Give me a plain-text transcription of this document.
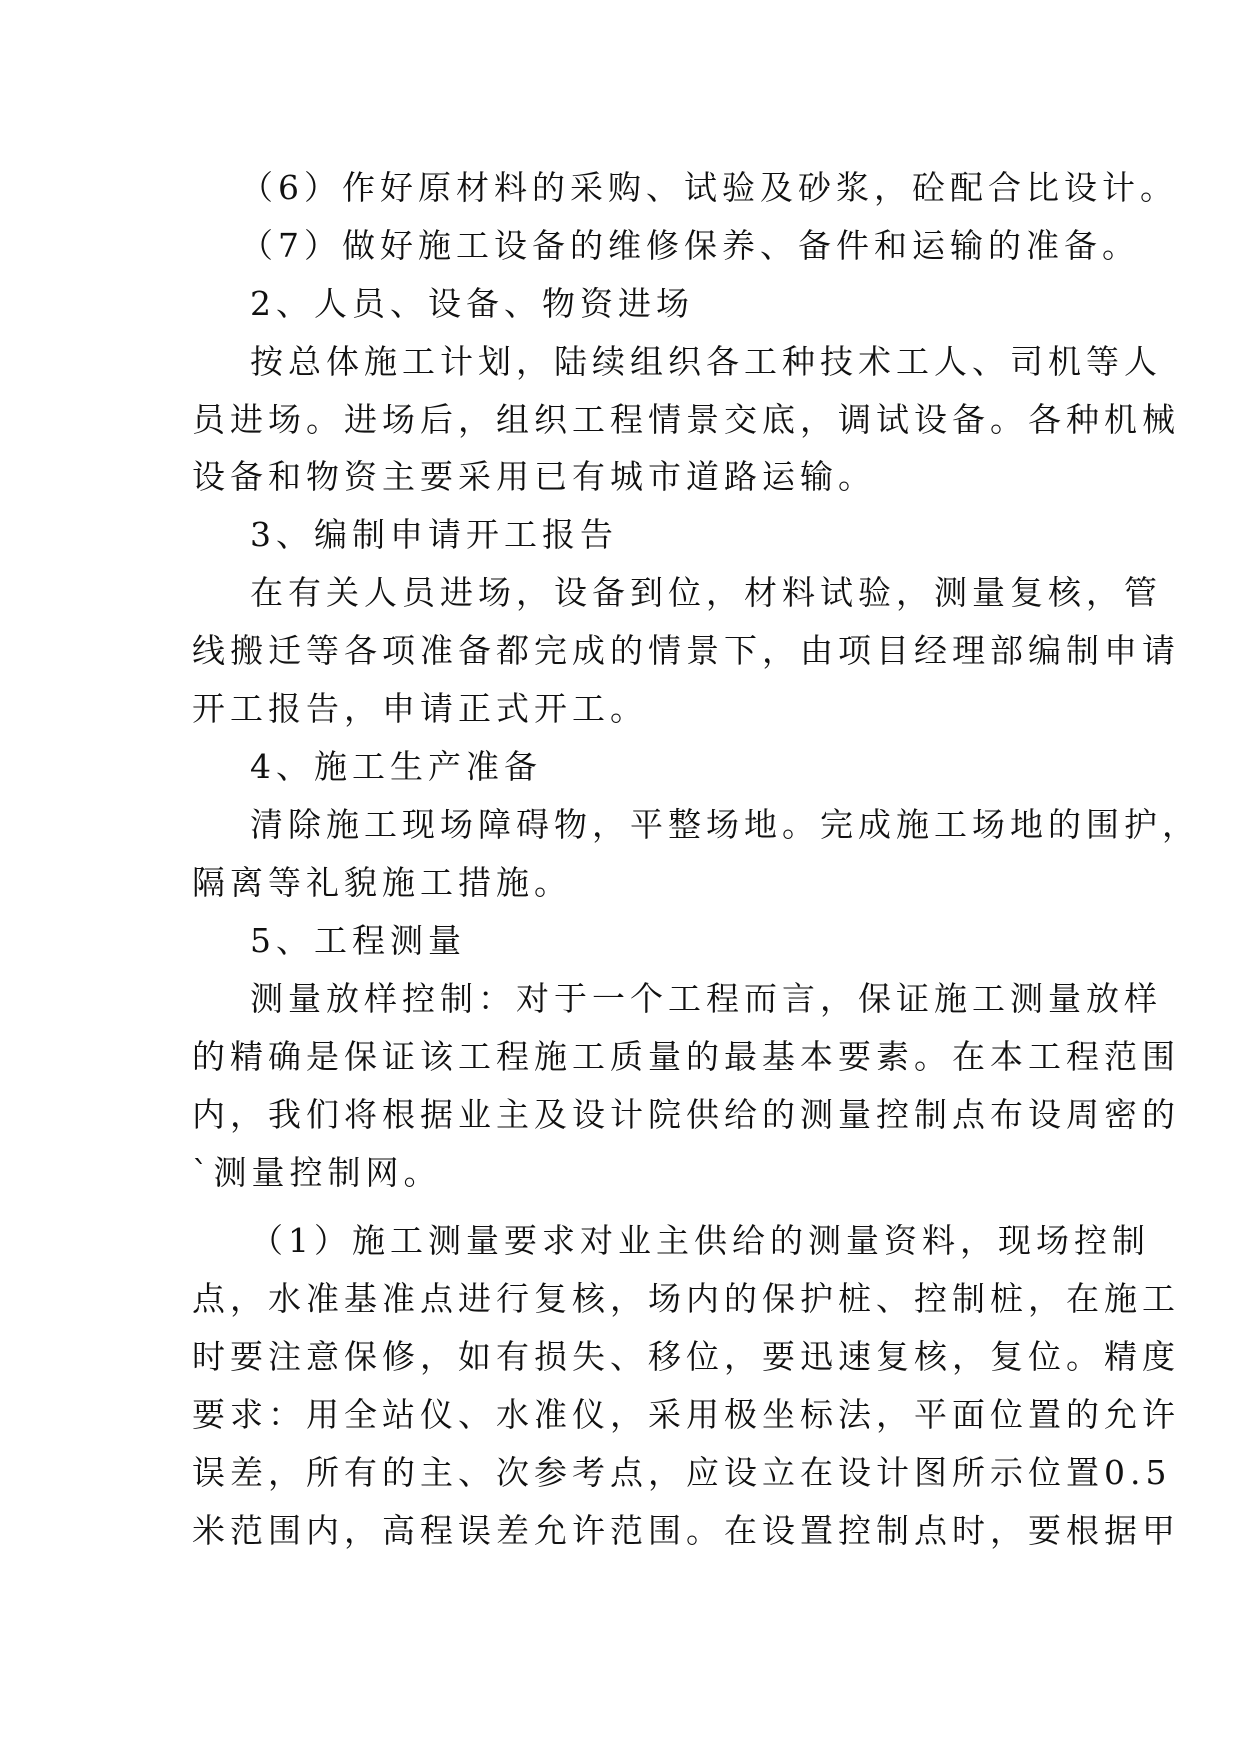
（6）作好原材料的采购、试验及砂浆，砼配合比设计。
（7）做好施工设备的维修保养、备件和运输的准备。
2、人员、设备、物资进场
按总体施工计划，陆续组织各工种技术工人、司机等人
员进场。进场后，组织工程情景交底，调试设备。各种机械
设备和物资主要采用已有城市道路运输。
3、编制申请开工报告
在有关人员进场，设备到位，材料试验，测量复核，管
线搬迁等各项准备都完成的情景下，由项目经理部编制申请
开工报告，申请正式开工。
4、施工生产准备
清除施工现场障碍物，平整场地。完成施工场地的围护，
隔离等礼貌施工措施。
5、工程测量
测量放样控制：对于一个工程而言，保证施工测量放样
的精确是保证该工程施工质量的最基本要素。在本工程范围
内，我们将根据业主及设计院供给的测量控制点布设周密的
`测量控制网。
（1）施工测量要求对业主供给的测量资料，现场控制
点，水准基准点进行复核，场内的保护桩、控制桩，在施工
时要注意保修，如有损失、移位，要迅速复核，复位。精度
要求：用全站仪、水准仪，采用极坐标法，平面位置的允许
误差，所有的主、次参考点，应设立在设计图所示位置0.5
米范围内，高程误差允许范围。在设置控制点时，要根据甲
